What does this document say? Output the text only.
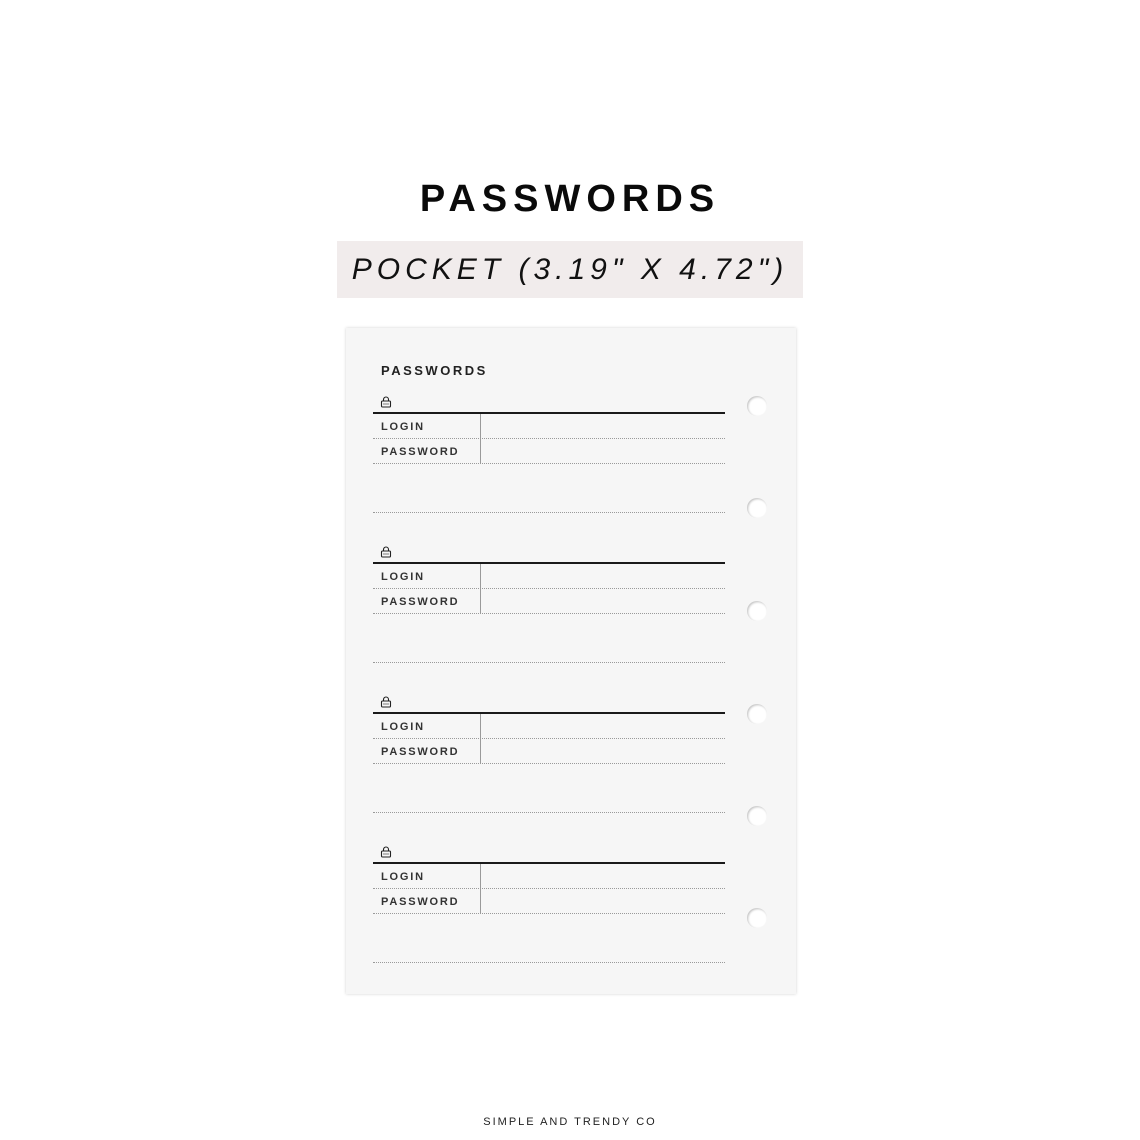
PASSWORDS
POCKET (3.19" X 4.72")
PASSWORDS
LOGIN
PASSWORD
LOGIN
PASSWORD
LOGIN
PASSWORD
LOGIN
PASSWORD
SIMPLE AND TRENDY CO
